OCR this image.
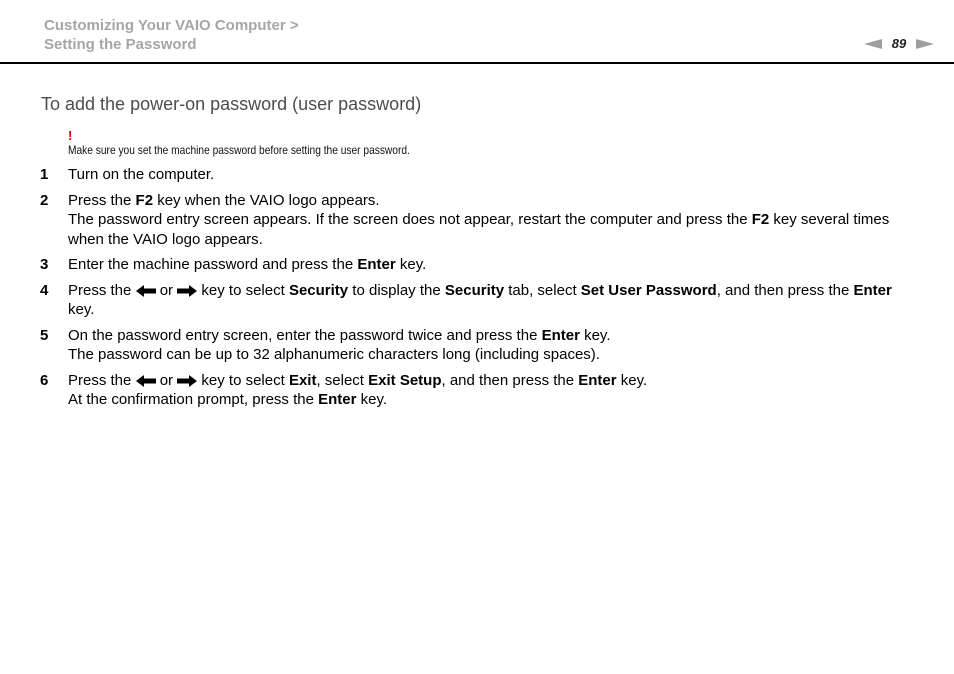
Customizing Your VAIO Computer >
Setting the Password	89
To add the power-on password (user password)
!
Make sure you set the machine password before setting the user password.
1	Turn on the computer.
2	Press the F2 key when the VAIO logo appears.
The password entry screen appears. If the screen does not appear, restart the computer and press the F2 key several times when the VAIO logo appears.
3	Enter the machine password and press the Enter key.
4	Press the  or  key to select Security to display the Security tab, select Set User Password, and then press the Enter key.
5	On the password entry screen, enter the password twice and press the Enter key.
The password can be up to 32 alphanumeric characters long (including spaces).
6	Press the  or  key to select Exit, select Exit Setup, and then press the Enter key.
At the confirmation prompt, press the Enter key.
